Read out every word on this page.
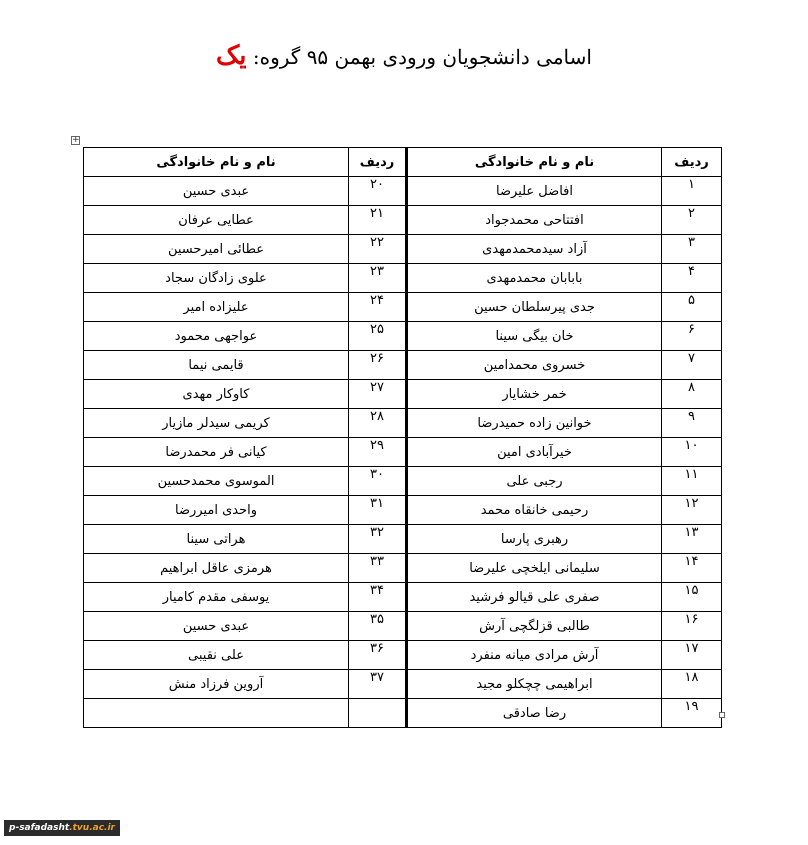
اسامی دانشجویان ورودی بهمن ۹۵ گروه: یک
+
ردیف	نام و نام خانوادگی	ردیف	نام و نام خانوادگی
۱	افاضل علیرضا	۲۰	عبدی حسین
۲	افتتاحی محمدجواد	۲۱	عطایی عرفان
۳	آزاد سیدمحمدمهدی	۲۲	عطائی امیرحسین
۴	بابابان محمدمهدی	۲۳	علوی زادگان سجاد
۵	جدی پیرسلطان حسین	۲۴	علیزاده امیر
۶	خان بیگی سینا	۲۵	عواجهی محمود
۷	خسروی محمدامین	۲۶	قایمی نیما
۸	خمر خشایار	۲۷	کاوکار مهدی
۹	خوانین زاده حمیدرضا	۲۸	کریمی سیدلر مازیار
۱۰	خیرآبادی امین	۲۹	کیانی فر محمدرضا
۱۱	رجبی علی	۳۰	الموسوی محمدحسین
۱۲	رحیمی خانقاه محمد	۳۱	واحدی امیررضا
۱۳	رهبری پارسا	۳۲	هراتی سینا
۱۴	سلیمانی ایلخچی علیرضا	۳۳	هرمزی عاقل ابراهیم
۱۵	صفری علی قیالو فرشید	۳۴	یوسفی مقدم کامیار
۱۶	طالبی قزلگچی آرش	۳۵	عبدی حسین
۱۷	آرش مرادی میانه منفرد	۳۶	علی نقیبی
۱۸	ابراهیمی چچکلو مجید	۳۷	آروین فرزاد منش
۱۹	رضا صادقی		
p-safadasht.tvu.ac.ir
